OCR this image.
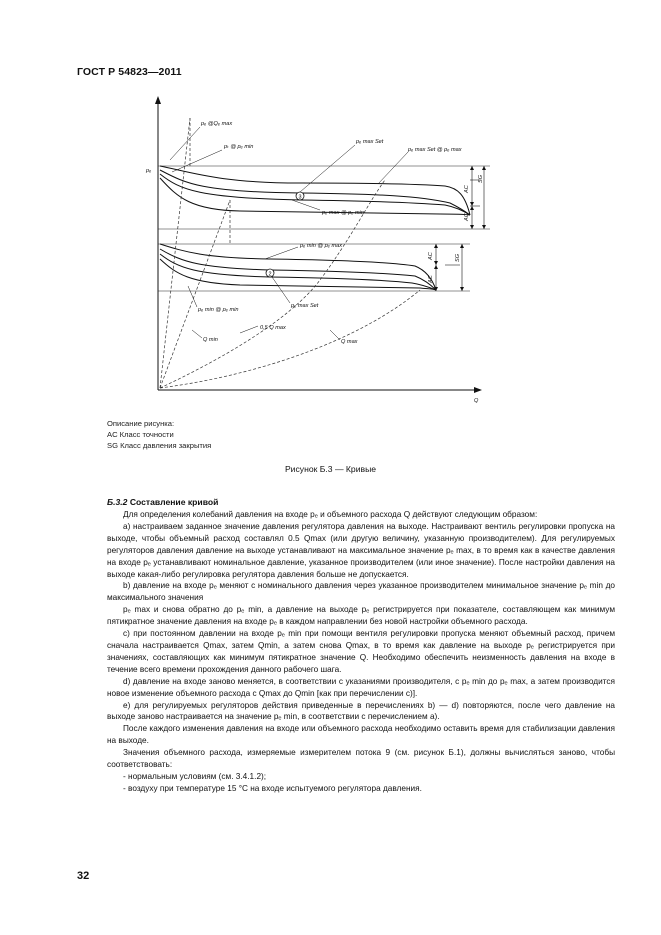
ГОСТ Р 54823—2011
3
2
pₑ
Q
pₑ @Qₑ max
pₜ @ pₑ min
pₑ max Set
pₑ max Set @ pₑ max
pₑ max @ pₑ min
pₑ min @ pₑ max
pₑ min @ pₑ min
pₑ max Set
Q min
0,5 Q max
Q max
AC
AC
SG
SG
AC
AC
Описание рисунка:
AC Класс точности
SG Класс давления закрытия
Рисунок Б.3 — Кривые
Б.3.2 Составление кривой

Для определения колебаний давления на входе pₑ и объемного расхода Q действуют следующим образом:

а) настраиваем заданное значение давления регулятора давления на выходе. Настраивают вентиль регулировки пропуска на выходе, чтобы объемный расход составлял 0.5 Qmax (или другую величину, указанную производителем). Для регулируемых регуляторов давления давление на выходе устанавливают на максимальное значение pₑ max, в то время как в качестве давления на входе pₑ устанавливают номинальное давление, указанное производителем (или иное значение). После настройки давления на выходе какая-либо регулировка регулятора давления больше не допускается.

b) давление на входе pₑ меняют с номинального давления через указанное производителем минимальное значение pₑ min до максимального значения

pₑ max и снова обратно до pₑ min, а давление на выходе pₑ регистрируется при показателе, составляющем как минимум пятикратное значение давления на входе pₑ в каждом направлении без новой настройки объемного расхода.

с) при постоянном давлении на входе pₑ min при помощи вентиля регулировки пропуска меняют объемный расход, причем сначала настраивается Qmax, затем Qmin, а затем снова Qmax, в то время как давление на выходе pₑ регистрируется при значениях, составляющих как минимум пятикратное значение Q. Необходимо обеспечить неизменность давления на входе в течение всего времени прохождения данного рабочего шага.

d) давление на входе заново меняется, в соответствии с указаниями производителя, с pₑ min до pₑ max, а затем производится новое изменение объемного расхода с Qmax до Qmin [как при перечислении с)].

е) для регулируемых регуляторов действия приведенные в перечислениях b) — d) повторяются, после чего давление на выходе заново настраивается на значение pₑ min, в соответствии с перечислением а).

После каждого изменения давления на входе или объемного расхода необходимо оставить время для стабилизации давления на выходе.

Значения объемного расхода, измеряемые измерителем потока 9 (см. рисунок Б.1), должны вычисляться заново, чтобы соответствовать:

- нормальным условиям (см. 3.4.1.2);

- воздуху при температуре 15 °С на входе испытуемого регулятора давления.

32
